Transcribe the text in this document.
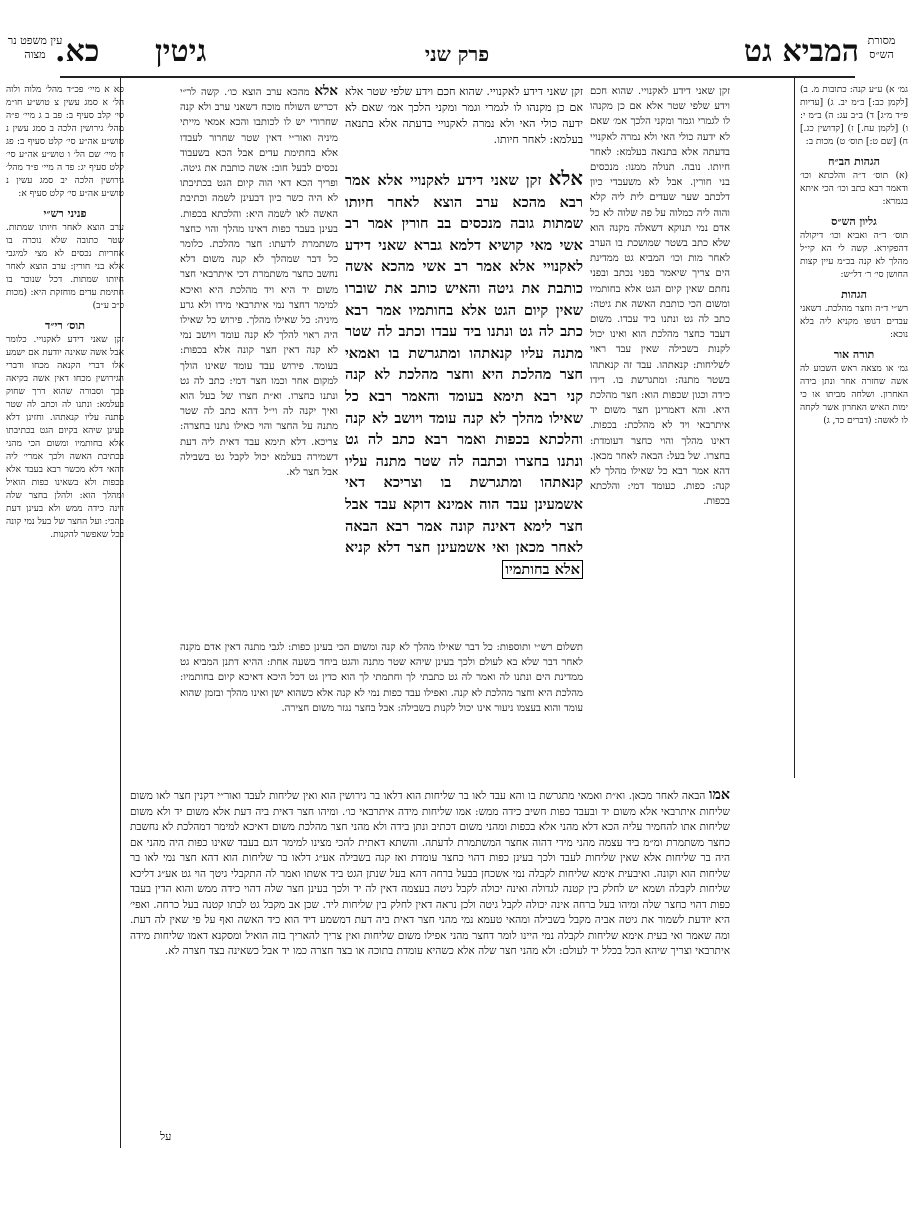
המביא גט
פרק שני
גיטין
כא.	מסורת הש״ס
עין משפט נר מצוה
זקן שאני דידע לאקנויי. שהוא חכם וידע שלפי שטר אלא אם כן מקנהו לו לגמרי וגמר ומקני הלכך אמ׳ שאם לא ידעה כולי האי ולא נמרה לאקנויי בדעתה אלא בתנאה בעלמא: לאחר חיותו.
אלא זקן שאני דידע לאקנויי אלא אמר רבא מהכא ערב הוצא לאחר חיותו שמתות גובה מנכסים בב חורין אמר רב אשי מאי קושיא דלמא גברא שאני דידע לאקנויי אלא אמר רב אשי מהכא אשה כותבת את גיטה והאיש כותב את שוברו שאין קיום הגט אלא בחותמיו אמר רבא כתב לה גט ונתנו ביד עבדו וכתב לה שטר מתנה עליו קנאתהו ומתגרשת בו ואמאי חצר מהלכת היא וחצר מהלכת לא קנה קני רבא תימא בעומד והאמר רבא כל שאילו מהלך לא קנה עומד ויושב לא קנה והלכתא בכפות ואמר רבא כתב לה גט ונתנו בחצרו וכתבה לה שטר מתנה עליו קנאתהו ומתגרשת בו וצריכא דאי אשמעינן עבד הוה אמינא דוקא עבד אבל חצר לימא דאינה קונה אמר רבא הבאה לאחר מכאן ואי אשמעינן חצר דלא קניא אלא בחותמיו
זקן שאני דידע לאקנויי. שהוא חכם וידע שלפי שטר אלא אם כן מקנהו לו לגמרי וגמר ומקני הלכך אמ׳ שאם לא ידעה כולי האי ולא נמרה לאקנויי בדעתה אלא בתנאה בעלמא: לאחר חיותו. נובה. תנולה ממנו: מנכסים בני חורין. אבל לא משעבדי כיון דלכתב שער שעדים לית ליה קלא והוה ליה כמלוה על פה שלוה לא כל אדם נמי תנוקא דשאלה מקנה הוא שלא כתב בשטר שמושכת בו הערב לאחר מות וכו׳ המביא גט ממדינת הים צריך שיאמר בפני נכתב ובפני נחתם שאין קיום הגט אלא בחותמיו ומשום הכי כותבת האשה את גיטה: כתב לה גט ונתנו ביד עבדו. משום דעבד כחצר מהלכת הוא ואינו יכול לקנות בשבילה שאין עבד ראוי לשליחות: קנאתהו. עבד זה קנאתהו בשטר מתנה: ומתגרשת בו. דידו כידה וכגון שכפות הוא: חצר מהלכת היא. והא דאמרינן חצר משום יד איתרבאי ויד לא מהלכת: בכפות. דאינו מהלך והוי כחצר דעומדת: בחצרו. של בעל: הבאה לאחר מכאן. דהא אמר רבא כל שאילו מהלך לא קנה: כפות. כעומד דמי: והלכתא בכפות.
אלא מהכא ערב הוצא כו׳. קשה לר״י דכריש השולח מוכח דשאני ערב ולא קנה שחרורי יש לו לכותבו והכא אמאי מייתי מיניה ואור״י דאין שטר שחרור לעבדו אלא בחתימת עדים אבל הכא בשעבוד נכסים לבעל חוב: אשה כותבת את גיטה. ופריך הכא דאי הוה קיום הגט בכתיבתו לא היה כשר כיון דבעינן לשמה וכתיבת האשה לאו לשמה היא: והלכתא בכפות. בעינן בעבד כפות דאינו מהלך והוי כחצר משתמרת לדעתו: חצר מהלכת. כלומר כל דבר שמהלך לא קנה משום דלא נחשב כחצר משתמרת דכי איתרבאי חצר משום יד היא ויד מהלכת היא ואיכא למימר דחצר נמי איתרבאי מידו ולא גרע מיניה: כל שאילו מהלך. פירוש כל שאילו היה ראוי להלך לא קנה עומד ויושב נמי לא קנה דאין חצר קונה אלא בכפות: בעומד. פירוש עבד עומד שאינו הולך למקום אחר וכמו חצר דמי: כתב לה גט ונתנו בחצרו. וא״ת חצרו של בעל הוא ואיך יקנה לה וי״ל דהא כתב לה שטר מתנה על החצר והוי כאילו נתנו בחצרה: צריכא. דלא תימא עבד דאית ליה דעת דשמירה בעלמא יכול לקבל גט בשבילה אבל חצר לא.
תשלום רש״י ותוספות: כל דבר שאילו מהלך לא קנה ומשום הכי בעינן כפות: לגבי מתנה דאין אדם מקנה לאחר דבר שלא בא לעולם ולכך בעינן שיהא שטר מתנה והגט ביחד בשעה אחת: ההיא דתנן המביא גט ממדינת הים ונתנו לה ואמר לה גט כתבתי לך וחתמתי לך הוא כדין גט דכל היכא דאיכא קיום בחותמיו: מהלכת היא וחצר מהלכת לא קנה. ואפילו עבד כפות נמי לא קנה אלא כשהוא ישן ואינו מהלך ובזמן שהוא עומד והוא בעצמו ניעור אינו יכול לקנות בשבילה: אבל בחצר נגזר משום חצירה.
אמו הבאה לאחר מכאן. וא״ת ואמאי מתגרשת בו והא עבד לאו בר שליחות הוא דלאו בר גירושין הוא ואין שליחות לעבד ואור״י דקנין חצר לאו משום שליחות איתרבאי אלא משום יד ובעבד כפות חשיב כידה ממש: אמו שליחות מידה איתרבאי כו׳. ומיהו חצר דאית ביה דעת אלא משום יד ולא משום שליחות אתו להחמיר עליה הכא דלא מהני אלא בכפות ומהני משום דכתיב ונתן בידה ולא מהני חצר מהלכת משום דאיכא למימר דמהלכת לא נחשבת כחצר משתמרת ומ״מ ביד עצמה מהני מידי דהוה אחצר המשתמרת לדעתה. והשתא דאתית להכי מצינו למימר דגם בעבד שאינו כפות היה מהני אם היה בר שליחות אלא שאין שליחות לעבד ולכך בעינן כפות דהוי כחצר עומדת ואז קנה בשבילה אע״ג דלאו בר שליחות הוא דהא חצר נמי לאו בר שליחות הוא וקונה. ואיבעית אימא שליחות לקבלה נמי אשכחן בבעל ברחה דהא בעל שנתן הגט ביד אשתו ואמר לה התקבלי גיטך הוי גט אע״ג דליכא שליחות לקבלה ושמא יש לחלק בין קטנה לגדולה ואינה יכולה לקבל גיטה בעצמה דאין לה יד ולכך בעינן חצר שלה דהוי כידה ממש והוא הדין בעבד כפות דהוי כחצר שלה ומיהו בעל ברחה אינה יכולה לקבל גיטה ולכן נראה דאין לחלק בין שליחות ליד. שכן אב מקבל גט לבתו קטנה בעל כרחה. ואפי׳ היא יודעת לשמור את גיטה אביה מקבל בשבילה ומהאי טעמא נמי מהני חצר דאית ביה דעת דמשמע דיד הוא כיד האשה ואף על פי שאין לה דעת. ומה שאמר ואי בעית אימא שליחות לקבלה נמי היינו לומר דחצר מהני אפילו משום שליחות ואין צריך להאריך בזה הואיל ומסקנא דאמו שליחות מידה איתרבאי וצריך שיהא הכל בכלל יד לעולם: ולא מהני חצר שלה אלא כשהיא עומדת בתוכה או בצד חצרה כמו יד אבל כשאינה בצד חצרה לא.
גמ׳ א) ע״ע קנה: כתובות מ. ב) [לקמן כב:] ב״מ יב. ג) [עדיות פ״ד מ״ג] ד) ב״ב עג: ה) ב״מ י: ו) [לקמן עח.] ז) [קדושין כג.] ח) [שם ט:] תוס׳ ט) מכות ב:
הגהות הב״ח
(א) תוס׳ ד״ה והלכתא וכו׳ ודאמר רבא כתב וכו׳ הכי איתא בגמרא:
גליון הש״ס
תוס׳ ד״ה ואביא וכו׳ דיקולה דהפקירא. קשה לי הא קי״ל מהלך לא קנה בכ״מ עיין קצות החושן סי׳ ר׳ דל״ש:
הגהות
רש״י ד״ה וחצר מהלכת. דשאני עבדים דגופו מקניא ליה בלא נוכא:
תורה אור
גמ׳ או מצאה ראש השבוע לה אשה שחזרה אחר ונתן בידה האחרון. ושלחה מביתו או כי ימות האיש האחרון אשר לקחה לו לאשה: (דברים כד, ג)
פא א מיי׳ פכ״ד מהל׳ מלוה ולוה הל׳ א סמג עשין צ טוש״ע חו״מ סי׳ קלב סעיף ב: פב ב ג מיי׳ פ״ה מהל׳ גירושין הלכה ב סמג עשין נ טוש״ע אה״ע סי׳ קלט סעיף ב: פג ד מיי׳ שם הל׳ ו טוש״ע אה״ע סי׳ קלט סעיף יג: פד ה מיי׳ פ״ד מהל׳ גירושין הלכה יב סמג עשין נ טוש״ע אה״ע סי׳ קלט סעיף א:
פניני רש״י
ערב הוצא לאחר חיותו שמתות. שטר כתובה שלא נוכרה בו אחריות נכסים לא מצי למיגבי אלא בני חורין: ערב הוצא לאחר חיותו שמתות. דכל שנוכר בו חתימת עדים מוחזקת היא: (מכות כ״ב ע״ב)
תוס׳ רי״ד
זקן שאני דידע לאקנויי. כלומר אבל אשה שאינה יודעת אם ישמע אלו דברי הקנאה מכחו ודברי הגירושין מכחו דאין אשה בקיאה בכך וסבורה שהוא דרך שחוק בעלמא: ונתנו לה וכתב לה שטר מתנה עליו קנאתהו. וחזינן דלא בעינן שיהא בקיום הגט בכתיבתו אלא בחותמיו ומשום הכי מהני בכתיבת האשה ולכך אמרי׳ ליה דהאי דלא מכשר רבא בעבד אלא בכפות ולא בשאינו כפות הואיל ומהלך הוא: ולהלן בחצר שלה דינה כידה ממש ולא בעינן דעת בהכי: ועל החצר של בעל נמי קונה בכל שאפשר להקנות.
על
